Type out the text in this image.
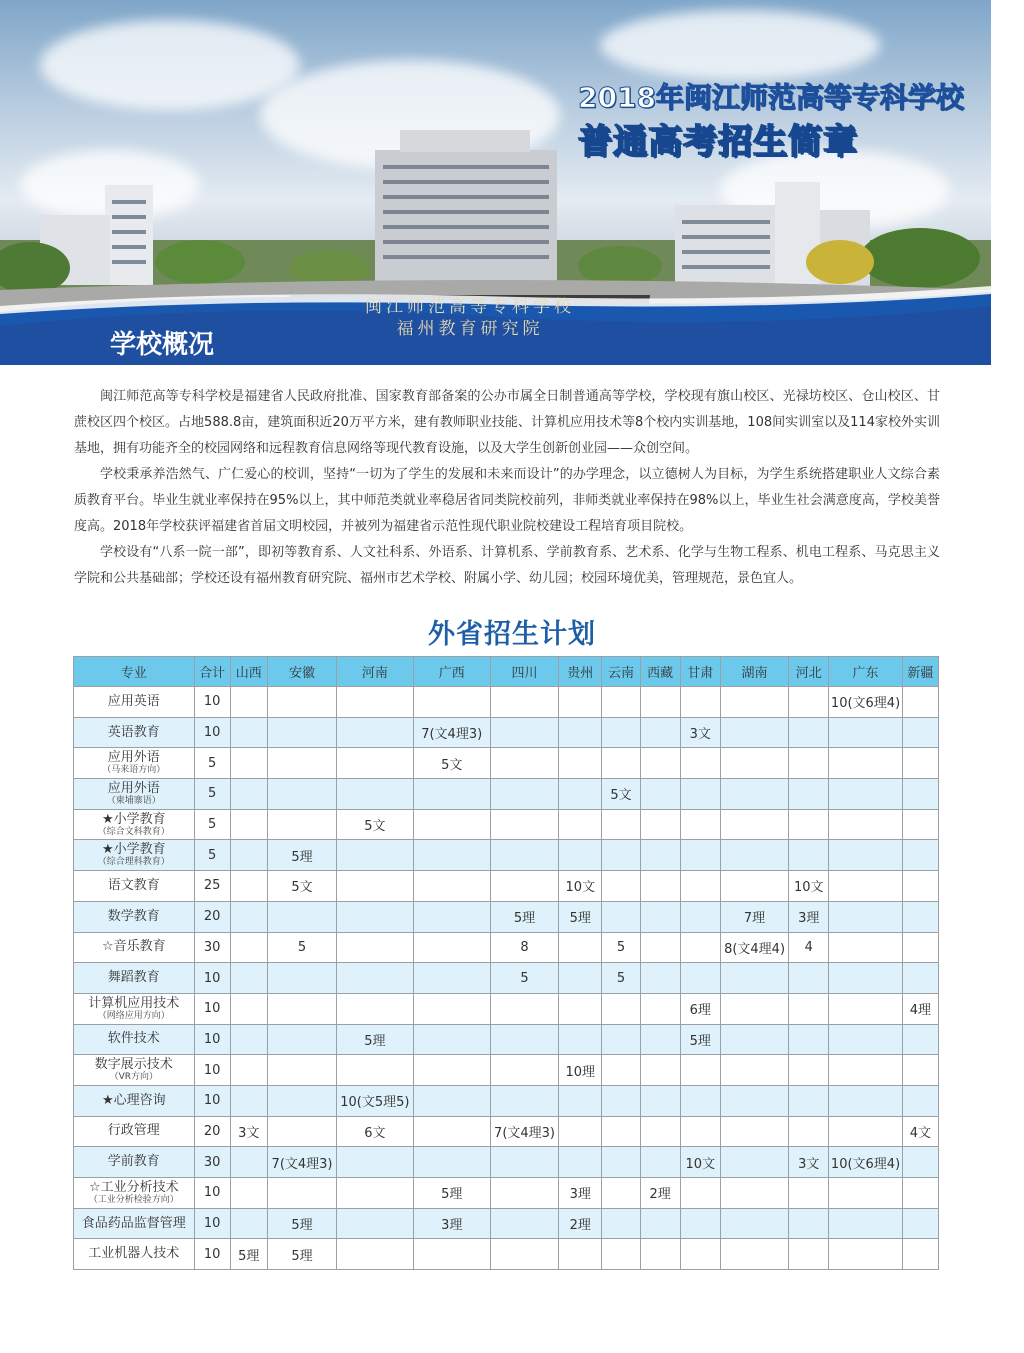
闽江师范高等专科学校
福州教育研究院
2018年闽江师范高等专科学校
普通高考招生简章
学校概况

闽江师范高等专科学校是福建省人民政府批准、国家教育部备案的公办市属全日制普通高等学校，学校现有旗山校区、光禄坊校区、仓山校区、甘蔗校区四个校区。占地588.8亩，建筑面积近20万平方米，建有教师职业技能、计算机应用技术等8个校内实训基地，108间实训室以及114家校外实训基地，拥有功能齐全的校园网络和远程教育信息网络等现代教育设施，以及大学生创新创业园——众创空间。

学校秉承养浩然气、广仁爱心的校训，坚持“一切为了学生的发展和未来而设计”的办学理念，以立德树人为目标，为学生系统搭建职业人文综合素质教育平台。毕业生就业率保持在95%以上，其中师范类就业率稳居省同类院校前列，非师类就业率保持在98%以上，毕业生社会满意度高，学校美誉度高。2018年学校获评福建省首届文明校园，并被列为福建省示范性现代职业院校建设工程培育项目院校。

学校设有“八系一院一部”，即初等教育系、人文社科系、外语系、计算机系、学前教育系、艺术系、化学与生物工程系、机电工程系、马克思主义学院和公共基础部；学校还设有福州教育研究院、福州市艺术学校、附属小学、幼儿园；校园环境优美，管理规范，景色宜人。

外省招生计划
专业	合计	山西	安徽	河南	广西	四川	贵州	云南	西藏	甘肃	湖南	河北	广东	新疆

应用英语	10												10(文6理4)	

英语教育	10				7(文4理3)					3文				

应用外语
（马来语方向）	5				5文									

应用外语
（柬埔寨语）	5							5文						

★小学教育
（综合文科教育）	5			5文										

★小学教育
（综合理科教育）	5		5理											

语文教育	25		5文				10文					10文		

数学教育	20					5理	5理				7理	3理		

☆音乐教育	30		5			8		5			8(文4理4)	4		

舞蹈教育	10					5		5						

计算机应用技术
（网络应用方向）	10									6理				4理

软件技术	10			5理						5理				

数字展示技术
（VR方向）	10						10理							

★心理咨询	10			10(文5理5)										

行政管理	20	3文		6文		7(文4理3)								4文

学前教育	30		7(文4理3)							10文		3文	10(文6理4)	

☆工业分析技术
（工业分析检验方向）	10				5理		3理		2理					

食品药品监督管理	10		5理		3理		2理							

工业机器人技术	10	5理	5理											
